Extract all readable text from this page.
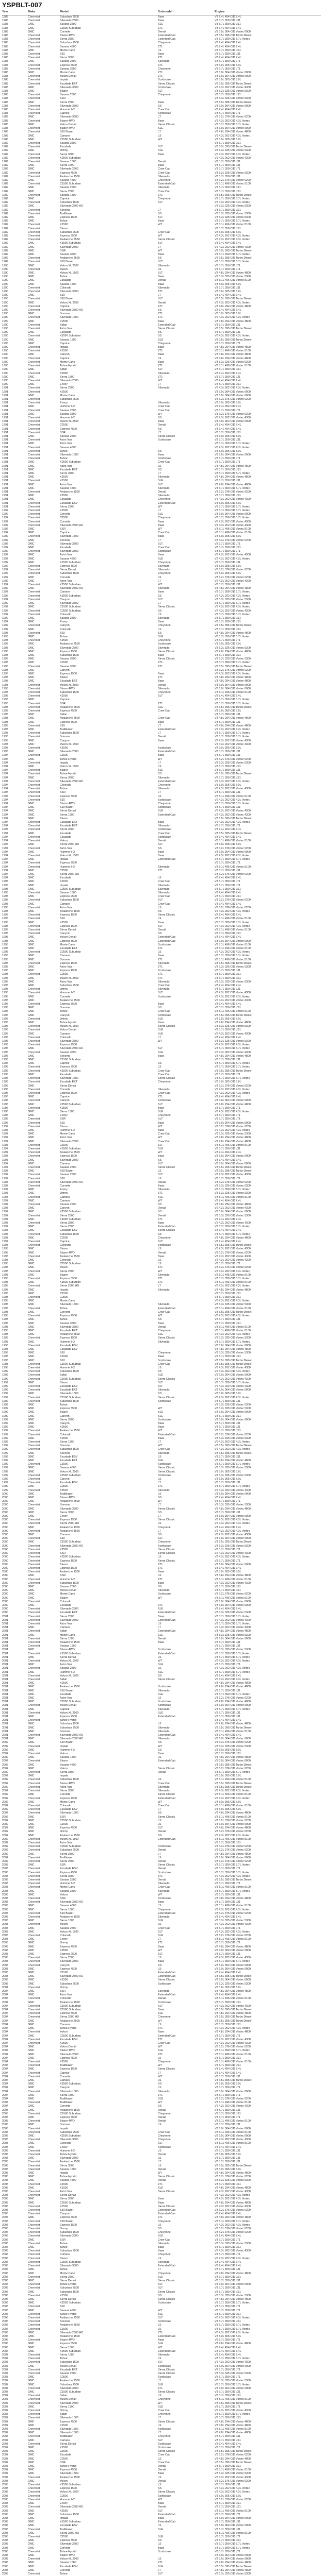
YSPBLT-007
Year	Make	Model	Submodel	Engine
1988	Chevrolet	Suburban 2500	Base	V8 7.4L 454 CID 7.4L
1988	Chevrolet	Silverado 2500	Base	V8 5.7L 350 CID L31
1988	GMC	Savana 3500	SLE	V8 5.7L 350 CID LS1
1988	GMC	C1500 Suburban	Z71	V8 7.4L 454 CID 7.4L
1988	GMC	Corvette	Denali	V8 6.0L 364 CID Vortec 6000
1988	Chevrolet	Blazer 4WD	Extended Cab	V8 6.5L 395 CID Turbo Diesel
1988	Chevrolet	Sierra 2500	Extended Cab	V8 5.7L 350 CID 5.7L Vortec
1988	Chevrolet	Suburban 2500	Cheyenne	V8 7.4L 454 CID 7.4L
1988	Chevrolet	Savana 4500	Z71	V8 7.4L 454 CID 7.4L
1988	GMC	Monte Carlo	LS	V8 5.7L 350 CID LS1
1988	Chevrolet	S10	Base	V8 5.7L 350 CID L31
1988	Chevrolet	Sierra 3500	Z71	V8 7.4L 454 CID 7.4L
1988	GMC	Savana 2500	Silverado	V8 5.7L 350 CID LT1
1988	Chevrolet	Express 3500	Z71	V8 5.0L 305 CID 5.0L
1988	Chevrolet	Savana 3500	Cheyenne	V8 5.7L 350 CID LT1
1988	GMC	Monte Carlo	Z71	V8 6.0L 364 CID Vortec 6000
1988	Chevrolet	Yukon Denali	Z71	V8 6.0L 364 CID Vortec 6000
1988	Chevrolet	Impala	Scottsdale	V8 5.0L 305 CID 5.0L
1988	Chevrolet	Escalade EXT	Sierra Classic	V8 6.5L 395 CID Turbo Diesel
1988	GMC	Silverado 3500	Scottsdale	V6 4.3L 262 CID Vortec 4300
1988	GMC	Blazer	SLT	V8 5.3L 325 CID Vortec 5300
1988	Chevrolet	Savana 2500	Cheyenne	V8 5.7L 350 CID LS1
1988	Chevrolet	SSR		V8 5.3L 325 CID Vortec 5300
1988	GMC	Sierra 2500	Base	V8 6.5L 395 CID Turbo Diesel
1988	Chevrolet	Silverado 3500	SS	V8 6.0L 364 CID Vortec 6000
1988	Chevrolet	Hummer H2	Crew Cab	V8 7.4L 454 CID 7.4L
1988	Chevrolet	Caprice	Scottsdale	V8 5.7L 350 CID LT1
1988	GMC	Silverado 3500	LT	V8 6.2L 376 CID Vortec 6200
1988	Chevrolet	Blazer 4WD	Base	V6 4.3L 262 CID 4.3L Vortec
1988	GMC	Yukon Denali	Sierra Classic	V8 5.7L 350 CID 5.7L Vortec
1988	Chevrolet	Blazer 4WD	SLE	V8 6.0L 364 CID Vortec 6000
1988	Chevrolet	S10 Blazer	LT	V8 4.8L 294 CID Vortec 4800
1988	GMC	Camaro	LS	V6 4.3L 262 CID 4.3L Vortec
1988	GMC	C1500 Suburban	WT	V8 5.0L 305 CID 5.0L
1989	Chevrolet	Savana 3500		V8 5.7L 350 CID LS1
1989	Chevrolet	Escalade	SLT	V8 6.5L 395 CID Turbo Diesel
1989	GMC	Jimmy	SLE	V8 5.3L 325 CID Vortec 5300
1989	Chevrolet	Sierra 3500	Base	V6 4.3L 262 CID 4.3L Vortec
1989	Chevrolet	K2500 Suburban		V6 4.3L 262 CID Vortec 4300
1989	Chevrolet	Savana 1500	Denali	V8 5.7L 350 CID L31
1989	GMC	Sierra 1500	Base	V8 5.7L 350 CID L31
1989	GMC	Silverado 2500	Crew Cab	V8 5.7L 350 CID LT1
1989	Chevrolet	Express 4500	Crew Cab	V8 5.3L 325 CID Vortec 5300
1989	Chevrolet	Avalanche 1500	Silverado	V8 5.7L 350 CID L31
1989	GMC	Savana 4500	Cheyenne	V8 6.2L 376 CID Vortec 6200
1989	Chevrolet	C1500 Suburban	Extended Cab	V8 8.1L 496 CID Vortec 8100
1989	GMC	Savana 2500	Silverado	V8 5.7L 350 CID LS1
1989	GMC	Sierra 2500	Crew Cab	V8 5.7L 350 CID LS1
1989	Chevrolet	Savana 1500	Z71	V8 6.5L 395 CID Turbo Diesel
1989	GMC	Caprice	Cheyenne	V8 5.7L 350 CID 5.7L Vortec
1989	Chevrolet	Suburban 1500	SLT	V6 4.3L 262 CID 4.3L Vortec
1989	GMC	Silverado 2500 HD		V8 5.3L 325 CID Vortec 5300
1989	Chevrolet	Sonoma	LT	V8 5.7L 350 CID LS1
1989	Chevrolet	Trailblazer	SS	V8 5.3L 325 CID Vortec 5300
1989	GMC	Express 1500	SLT	V8 5.3L 325 CID Vortec 5300
1989	GMC	Tahoe	Base	V8 5.7L 350 CID 5.7L Vortec
1989	Chevrolet	K1500	WT	V8 8.1L 496 CID Vortec 8100
1989	Chevrolet	Blazer		V8 5.7L 350 CID LS1
1989	Chevrolet	Suburban 2500	Crew Cab	V8 5.0L 305 CID 5.0L
1989	Chevrolet	Express 3500	WT	V6 4.3L 262 CID 4.3L Vortec
1989	Chevrolet	Avalanche 2500	Sierra Classic	V6 4.3L 262 CID 4.3L Vortec
1989	GMC	K1500 Suburban	SLT	V8 7.4L 454 CID 7.4L
1989	GMC	Silverado 2500	LT	V6 4.3L 262 CID Vortec 4300
1989	GMC	SSR	WT	V8 6.5L 395 CID Turbo Diesel
1989	GMC	Savana 3500	Base	V8 5.7L 350 CID 5.7L Vortec
1989	Chevrolet	Avalanche 2500	SS	V8 6.5L 395 CID Turbo Diesel
1989	Chevrolet	S10 Blazer	SLT	V8 5.7L 350 CID 5.7L Vortec
1990	GMC	Yukon XL 2500	Silverado	V8 5.7L 350 CID LT1
1990	Chevrolet	Yukon	LS	V8 5.7L 350 CID LT1
1990	GMC	Yukon XL 1500	SLT	V8 4.8L 294 CID Vortec 4800
1990	GMC	Tahoe	Base	V8 5.3L 325 CID Vortec 5300
1990	GMC	Escalade	Denali	V8 8.1L 496 CID Vortec 8100
1990	GMC	Savana 1500	Base	V8 5.0L 305 CID 5.0L
1990	Chevrolet	Colorado	Silverado	V8 5.7L 350 CID L31
1990	Chevrolet	Silverado 3500	Z71	V8 5.0L 305 CID 5.0L
1990	GMC	S10	LT	V8 7.4L 454 CID 7.4L
1990	Chevrolet	S10 Blazer	SLT	V8 6.5L 395 CID Turbo Diesel
1990	GMC	Yukon XL 2500	Denali	V6 4.3L 262 CID 4.3L Vortec
1990	Chevrolet	Caprice	Z71	V8 4.8L 294 CID Vortec 4800
1990	Chevrolet	Silverado 2500 HD	SS	V8 7.4L 454 CID 7.4L
1990	GMC	Sonoma	Z71	V8 5.0L 305 CID 5.0L
1990	Chevrolet	Silverado 1500	Z71	V6 4.3L 262 CID 4.3L Vortec
1990	GMC	C2500	Base	V8 4.8L 294 CID Vortec 4800
1990	Chevrolet	Safari	Extended Cab	V8 5.7L 350 CID L31
1990	Chevrolet	Astro Van	Sierra Classic	V8 6.5L 395 CID Turbo Diesel
1990	GMC	Escalade	SS	V8 5.7L 350 CID L31
1990	Chevrolet	K2500 Suburban	SS	V6 4.3L 262 CID 4.3L Vortec
1990	GMC	Savana 1500	SLE	V8 6.5L 395 CID Turbo Diesel
1990	GMC	Caprice	Cheyenne	V8 5.7L 350 CID LT1
1990	Chevrolet	Impala	Base	V8 4.8L 294 CID Vortec 4800
1990	Chevrolet	K1500	Z71	V8 8.1L 496 CID Vortec 8100
1990	GMC	Canyon	Base	V8 4.8L 294 CID Vortec 4800
1990	Chevrolet	Caprice	LS	V8 4.8L 294 CID Vortec 4800
1990	Chevrolet	Monte Carlo	Base	V8 5.3L 325 CID Vortec 5300
1990	Chevrolet	Tahoe Hybrid	Z71	V8 8.1L 496 CID Vortec 8100
1990	GMC	Safari	SLT	V8 5.7L 350 CID LS1
1990	Chevrolet	K1500	Silverado	V8 7.4L 454 CID 7.4L
1990	GMC	Sierra 1500	Z71	V8 5.7L 350 CID L31
1990	Chevrolet	Silverado 2500	WT	V8 7.4L 454 CID 7.4L
1990	GMC	Envoy	LT	V8 5.7L 350 CID LS1
1991	Chevrolet	Sierra 2500	Silverado	V6 4.3L 262 CID 4.3L Vortec
1991	Chevrolet	K2500		V8 6.0L 364 CID Vortec 6000
1991	GMC	Monte Carlo		V8 6.0L 364 CID Vortec 6000
1991	Chevrolet	Suburban 2500		V8 6.2L 376 CID Vortec 6200
1991	Chevrolet	Envoy	Silverado	V8 5.0L 305 CID 5.0L
1991	GMC	Hummer H2	Crew Cab	V8 7.4L 454 CID 7.4L
1991	Chevrolet	Savana 2500	Crew Cab	V8 5.7L 350 CID LT1
1991	GMC	Savana 3500	WT	V8 6.2L 376 CID Vortec 6200
1991	Chevrolet	Hummer H2	SS	V6 4.3L 262 CID Vortec 4300
1991	Chevrolet	Yukon XL 2500	Base	V8 6.0L 364 CID Vortec 6000
1991	Chevrolet	C2500	Denali	V8 7.4L 454 CID 7.4L
1991	Chevrolet	Express 4500	SS	V8 7.4L 454 CID 7.4L
1991	Chevrolet	SSR	LT	V8 5.7L 350 CID LS1
1991	GMC	Savana 2500	Sierra Classic	V8 5.0L 305 CID 5.0L
1991	Chevrolet	Astro Van	Scottsdale	V8 5.7L 350 CID L31
1991	GMC	Astro Van		V8 5.7L 350 CID 5.7L Vortec
1991	Chevrolet	Savana 4500		V6 4.3L 262 CID 4.3L Vortec
1991	Chevrolet	Tahoe	SS	V8 5.0L 305 CID 5.0L
1991	Chevrolet	Silverado 1500	Base	V8 6.0L 364 CID Vortec 6000
1991	Chevrolet	Tahoe	Scottsdale	V8 5.7L 350 CID LT1
1991	GMC	K2500 Suburban	Crew Cab	V8 5.7L 350 CID LT1
1991	GMC	Astro Van	LS	V8 4.8L 294 CID Vortec 4800
1991	GMC	Escalade EXT	SS	V8 5.7L 350 CID LS1
1991	GMC	Sierra 3500	LT	V8 5.7L 350 CID 5.7L Vortec
1991	GMC	K2500	Silverado	V8 4.8L 294 CID Vortec 4800
1991	Chevrolet	K1500	SLE	V8 5.7L 350 CID L31
1991	GMC	Astro Van	SLT	V8 4.8L 294 CID Vortec 4800
1991	GMC	Savana 4500	Silverado	V8 5.7L 350 CID 5.7L Vortec
1991	Chevrolet	Avalanche 1500	Denali	V8 6.2L 376 CID Vortec 6200
1991	GMC	K2500	Silverado	V8 5.7L 350 CID LS1
1991	GMC	Escalade	Cheyenne	V6 4.3L 262 CID Vortec 4300
1991	Chevrolet	Escalade ESV	Extended Cab	V8 5.0L 305 CID 5.0L
1991	Chevrolet	Sierra 2500	WT	V8 5.7L 350 CID 5.7L Vortec
1992	Chevrolet	K1500	LT	V8 5.7L 350 CID 5.7L Vortec
1992	Chevrolet	Corvette	SLE	V8 6.0L 364 CID Vortec 6000
1992	Chevrolet	C2500	Cheyenne	V8 5.7L 350 CID 5.7L Vortec
1992	Chevrolet	Corvette	Base	V6 4.3L 262 CID Vortec 4300
1992	Chevrolet	Silverado 2500 HD	Base	V6 4.3L 262 CID Vortec 4300
1992	GMC	SSR	WT	V8 8.1L 496 CID Vortec 8100
1992	GMC	Caprice	Crew Cab	V8 8.1L 496 CID Vortec 8100
1992	Chevrolet	Silverado 1500	Base	V8 5.0L 305 CID 5.0L
1992	GMC	Sonoma	LT	V8 6.2L 376 CID Vortec 6200
1992	GMC	Silverado 3500	SLT	V8 5.7L 350 CID LT1
1992	GMC	Escalade	Crew Cab	V8 5.7L 350 CID LS1
1992	Chevrolet	Silverado 3500	Scottsdale	V8 5.7L 350 CID LT1
1992	GMC	Astro Van	Base	V6 4.3L 262 CID Vortec 4300
1992	GMC	Savana 4500	SLE	V6 4.3L 262 CID 4.3L Vortec
1992	GMC	K1500 Suburban	Cheyenne	V8 5.7L 350 CID L31
1992	Chevrolet	Express 3500	Silverado	V8 5.0L 305 CID 5.0L
1992	Chevrolet	Sierra Denali	Silverado	V8 6.2L 376 CID Vortec 6200
1992	Chevrolet	Suburban 1500	Cheyenne	V8 5.0L 305 CID 5.0L
1992	GMC	Corvette	LS	V8 6.2L 376 CID Vortec 6200
1992	GMC	Astro Van	LT	V6 4.3L 262 CID Vortec 4300
1992	Chevrolet	K2500 Suburban	WT	V8 5.7L 350 CID L31
1992	GMC	Silverado 2500 HD	Silverado	V8 4.8L 294 CID Vortec 4800
1992	Chevrolet	Camaro	Base	V8 5.7L 350 CID 5.7L Vortec
1992	Chevrolet	K1500 Suburban	SS	V6 4.3L 262 CID 4.3L Vortec
1992	Chevrolet	Canyon	SLT	V8 5.3L 325 CID Vortec 5300
1992	GMC	Silverado 3500	LT	V8 5.7L 350 CID 5.7L Vortec
1992	GMC	C1500 Suburban	Sierra Classic	V6 4.3L 262 CID 4.3L Vortec
1992	Chevrolet	C2500 Suburban	SS	V6 4.3L 262 CID Vortec 4300
1992	Chevrolet	Colorado	LS	V8 5.7L 350 CID 5.7L Vortec
1992	GMC	Savana 3500	Silverado	V8 5.7L 350 CID LS1
1992	GMC	Envoy	Base	V8 5.7L 350 CID LS1
1992	Chevrolet	Canyon	Cheyenne	V8 6.5L 395 CID Turbo Diesel
1992	GMC	Colorado	LS	V8 5.7L 350 CID LS1
1993	Chevrolet	S10	SS	V8 4.8L 294 CID Vortec 4800
1993	GMC	Tahoe	SLE	V8 5.7L 350 CID 5.7L Vortec
1993	Chevrolet	K2500	Cheyenne	V8 5.7L 350 CID LT1
1993	GMC	Avalanche 2500	Scottsdale	V8 5.0L 305 CID 5.0L
1993	GMC	Silverado 2500	Silverado	V8 5.3L 325 CID Vortec 5300
1993	GMC	Express 1500	Sierra Classic	V8 4.8L 294 CID Vortec 4800
1993	GMC	Suburban 1500	Base	V8 5.7L 350 CID LS1
1993	GMC	Savana 3500	Sierra Classic	V8 5.3L 325 CID Vortec 5300
1993	GMC	K1500	Z71	V8 5.7L 350 CID 5.7L Vortec
1993	Chevrolet	Savana 3500	Z71	V8 6.5L 395 CID Turbo Diesel
1993	GMC	Canyon		V8 6.2L 376 CID Vortec 6200
1993	GMC	Express 1500	Base	V6 4.3L 262 CID 4.3L Vortec
1993	GMC	Blazer	Z71	V8 4.8L 294 CID Vortec 4800
1993	GMC	Escalade EXT	Base	V8 4.8L 294 CID Vortec 4800
1993	Chevrolet	Yukon XL 2500	Denali	V8 6.0L 364 CID Vortec 6000
1993	Chevrolet	Blazer 4WD	Silverado	V8 6.0L 364 CID Vortec 6000
1993	Chevrolet	Suburban 1500	Cheyenne	V8 8.1L 496 CID Vortec 8100
1993	Chevrolet	K1500	SLT	V8 7.4L 454 CID 7.4L
1993	GMC	Caprice		V8 5.7L 350 CID 5.7L Vortec
1993	Chevrolet	SSR	Z71	V8 5.7L 350 CID 5.7L Vortec
1993	Chevrolet	Avalanche 2500	SLE	V8 6.5L 395 CID Turbo Diesel
1993	Chevrolet	Express 4500	Crew Cab	V8 5.0L 305 CID 5.0L
1993	GMC	Safari		V8 5.7L 350 CID L31
1993	GMC	Avalanche 2500	Crew Cab	V8 4.8L 294 CID Vortec 4800
1993	GMC	Express 3500	Base	V8 5.7L 350 CID L31
1993	Chevrolet	S10	LT	V8 4.8L 294 CID Vortec 4800
1993	GMC	Trailblazer	Extended Cab	V6 4.3L 262 CID 4.3L Vortec
1993	Chevrolet	Suburban 1500	LT	V8 5.7L 350 CID 5.7L Vortec
1993	Chevrolet	Sonoma	Denali	V8 5.7L 350 CID 5.7L Vortec
1993	GMC	Canyon	Base	V6 4.3L 262 CID Vortec 4300
1993	GMC	Yukon XL 1500		V6 4.3L 262 CID Vortec 4300
1993	Chevrolet	K1500	Scottsdale	V8 5.0L 305 CID 5.0L
1993	GMC	Silverado 2500	Extended Cab	V8 5.7L 350 CID L31
1994	Chevrolet	C1500	Base	V8 5.7L 350 CID L31
1994	GMC	Tahoe Hybrid	WT	V8 6.2L 376 CID Vortec 6200
1994	Chevrolet	Impala	LT	V8 5.3L 325 CID Vortec 5300
1994	GMC	Yukon XL 1500	LS	V8 5.7L 350 CID LS1
1994	Chevrolet	Blazer	SLE	V8 5.7L 350 CID L31
1994	Chevrolet	Tahoe Hybrid	SS	V8 6.5L 395 CID Turbo Diesel
1994	GMC	Sierra 3500	Silverado	V8 5.7L 350 CID LS1
1994	Chevrolet	Silverado 2500 HD	Extended Cab	V6 4.3L 262 CID 4.3L Vortec
1994	Chevrolet	Colorado	Cheyenne	V8 5.0L 305 CID 5.0L
1994	Chevrolet	Tahoe	Silverado	V6 4.3L 262 CID Vortec 4300
1994	Chevrolet	SSR	LT	V8 5.7L 350 CID L31
1994	Chevrolet	Express 3500	LS	V8 8.1L 496 CID Vortec 8100
1994	Chevrolet	S10	Scottsdale	V6 4.3L 262 CID 4.3L Vortec
1994	GMC	Blazer 4WD	Cheyenne	V8 5.7L 350 CID 5.7L Vortec
1994	GMC	S10 Blazer	Scottsdale	V8 5.7L 350 CID L31
1994	GMC	Sierra Denali	SLE	V6 4.3L 262 CID Vortec 4300
1994	GMC	Sierra 1500	Extended Cab	V6 4.3L 262 CID Vortec 4300
1994	GMC	Blazer		V8 6.5L 395 CID Turbo Diesel
1994	Chevrolet	Escalade EXT	Base	V6 4.3L 262 CID 4.3L Vortec
1994	Chevrolet	Escalade EXT	Silverado	V8 5.7L 350 CID LT1
1994	Chevrolet	Sierra 3500	Scottsdale	V8 7.4L 454 CID 7.4L
1994	GMC	Escalade	Crew Cab	V8 6.5L 395 CID Turbo Diesel
1994	Chevrolet	Escalade	Scottsdale	V8 7.4L 454 CID 7.4L
1994	Chevrolet	Yukon	Denali	V8 8.1L 496 CID Vortec 8100
1994	GMC	Sierra 2500 HD	SLT	V8 5.0L 305 CID 5.0L
1994	Chevrolet	Astro Van	SS	V8 6.2L 376 CID Vortec 6200
1994	GMC	Hummer H2	Base	V8 6.0L 364 CID Vortec 6000
1994	Chevrolet	Yukon XL 1500	Base	V6 4.3L 262 CID 4.3L Vortec
1994	GMC	Impala	Extended Cab	V8 5.7L 350 CID 5.7L Vortec
1994	Chevrolet	Express 2500		V8 5.7L 350 CID LT1
1994	Chevrolet	Hummer H2	Silverado	V8 8.1L 496 CID Vortec 8100
1994	GMC	C2500	Z71	V8 5.7L 350 CID L31
1994	GMC	Sierra 2500 HD		V8 6.2L 376 CID Vortec 6200
1994	GMC	Escalade	LS	V8 7.4L 454 CID 7.4L
1995	GMC	K1500	Crew Cab	V8 5.7L 350 CID LT1
1995	GMC	Impala	Silverado	V8 5.7L 350 CID LT1
1995	GMC	C2500 Suburban	Silverado	V8 5.7L 350 CID LS1
1995	Chevrolet	Savana 1500	Silverado	V8 7.4L 454 CID 7.4L
1995	GMC	Express 2500	Crew Cab	V8 5.7L 350 CID LS1
1995	Chevrolet	Suburban 1500	SLT	V8 6.2L 376 CID Vortec 6200
1995	GMC	Camaro	Crew Cab	V8 7.4L 454 CID 7.4L
1995	Chevrolet	Astro Van	LS	V8 6.2L 376 CID Vortec 6200
1995	GMC	Avalanche 1500	SS	V6 4.3L 262 CID 4.3L Vortec
1995	Chevrolet	Express 1500	Sierra Classic	V8 7.4L 454 CID 7.4L
1995	Chevrolet	S10	LS	V8 8.1L 496 CID Vortec 8100
1995	GMC	K2500	Base	V8 5.7L 350 CID 5.7L Vortec
1995	Chevrolet	Express 1500	SLT	V6 4.3L 262 CID 4.3L Vortec
1995	Chevrolet	Sierra Denali	Denali	V8 8.1L 496 CID Vortec 8100
1995	Chevrolet	Canyon	SS	V8 5.7L 350 CID LS1
1995	GMC	Yukon Denali	Extended Cab	V8 7.4L 454 CID 7.4L
1995	GMC	Express 3500	Extended Cab	V8 6.0L 364 CID Vortec 6000
1995	GMC	Monte Carlo	Scottsdale	V8 8.1L 496 CID Vortec 8100
1995	GMC	Escalade EXT	Z71	V8 8.1L 496 CID Vortec 8100
1995	Chevrolet	C2500 Suburban	LS	V6 4.3L 262 CID 4.3L Vortec
1995	GMC	Camaro	Base	V8 5.7L 350 CID 5.7L Vortec
1995	GMC	Sonoma	Z71	V8 8.1L 496 CID Vortec 8100
1995	Chevrolet	Express 1500	Silverado	V8 6.5L 395 CID Turbo Diesel
1995	GMC	Astro Van	Z71	V8 5.3L 325 CID Vortec 5300
1995	GMC	Express 1500	Scottsdale	V8 5.7L 350 CID L31
1995	Chevrolet	C2500	Z71	V8 5.7L 350 CID LS1
1995	GMC	Yukon XL 2500	Z71	V8 5.7L 350 CID LS1
1995	GMC	Astro Van	Silverado	V8 5.3L 325 CID Vortec 5300
1995	GMC	Suburban 2500	Crew Cab	V8 7.4L 454 CID 7.4L
1995	Chevrolet	Jimmy	Silverado	V8 5.7L 350 CID L31
1995	Chevrolet	Hummer H2	SLT	V6 4.3L 262 CID Vortec 4300
1995	GMC	Corvette	Scottsdale	V6 4.3L 262 CID 4.3L Vortec
1995	GMC	Avalanche 2500		V6 4.3L 262 CID Vortec 4300
1996	Chevrolet	Express 3500	Base	V8 7.4L 454 CID 7.4L
1996	GMC	Sonoma	SS	V8 5.7L 350 CID LS1
1996	GMC	Tahoe	Crew Cab	V8 8.1L 496 CID Vortec 8100
1996	GMC	Canyon	Scottsdale	V8 6.5L 395 CID Turbo Diesel
1996	Chevrolet	Jimmy	SLE	V8 5.0L 305 CID 5.0L
1996	GMC	Tahoe Hybrid	Base	V8 4.8L 294 CID Vortec 4800
1996	Chevrolet	Yukon XL 1500	Sierra Classic	V8 5.3L 325 CID Vortec 5300
1996	Chevrolet	Yukon Denali	SLE	V8 5.7L 350 CID LS1
1996	GMC	Camaro	SLE	V6 4.3L 262 CID Vortec 4300
1996	Chevrolet	Colorado	LT	V8 7.4L 454 CID 7.4L
1996	Chevrolet	Silverado 3500	WT	V8 5.3L 325 CID Vortec 5300
1996	Chevrolet	Express 2500		V6 4.3L 262 CID 4.3L Vortec
1996	GMC	Silverado 2500 HD	SLT	V8 5.7L 350 CID 5.7L Vortec
1996	Chevrolet	Savana 3500	SLE	V6 4.3L 262 CID Vortec 4300
1996	GMC	Sonoma	Base	V8 4.8L 294 CID Vortec 4800
1996	GMC	C1500 Suburban		V8 5.7L 350 CID L31
1996	GMC	Caprice	SS	V8 5.7L 350 CID 5.7L Vortec
1996	Chevrolet	Express 2500	LS	V8 5.7L 350 CID 5.7L Vortec
1996	Chevrolet	K1500 Suburban	Crew Cab	V8 6.5L 395 CID Turbo Diesel
1996	GMC	Escalade	Crew Cab	V8 5.7L 350 CID LT1
1996	Chevrolet	Silverado 1500	Sierra Classic	V8 5.7L 350 CID 5.7L Vortec
1996	Chevrolet	Escalade EXT	Cheyenne	V8 5.0L 305 CID 5.0L
1996	GMC	Sierra Denali		V8 6.2L 376 CID Vortec 6200
1996	Chevrolet	Corvette	Silverado	V6 4.3L 262 CID 4.3L Vortec
1996	Chevrolet	Express 3500	Crew Cab	V6 4.3L 262 CID 4.3L Vortec
1996	GMC	Caprice	Z71	V8 7.4L 454 CID 7.4L
1996	Chevrolet	Canyon	Scottsdale	V8 6.0L 364 CID Vortec 6000
1996	GMC	K2500 Suburban	SLT	V8 4.8L 294 CID Vortec 4800
1996	Chevrolet	K2500	Base	V8 5.7L 350 CID LT1
1996	GMC	Sierra 1500	SLE	V6 4.3L 262 CID 4.3L Vortec
1996	GMC	Envoy	Cheyenne	V8 5.7L 350 CID LT1
1996	Chevrolet	SSR	SLT	V8 5.7L 350 CID LT1
1996	Chevrolet	S10	Base	V8 6.0L 364 CID Vortec 6000
1997	Chevrolet	Blazer	WT	V8 6.2L 376 CID Vortec 6200
1997	GMC	Hummer H2	Base	V6 4.3L 262 CID 4.3L Vortec
1997	GMC	Monte Carlo	Crew Cab	V8 5.3L 325 CID Vortec 5300
1997	GMC	Astro Van	WT	V8 4.8L 294 CID Vortec 4800
1997	GMC	Silverado 2500	Crew Cab	V8 4.8L 294 CID Vortec 4800
1997	Chevrolet	C1500	SLT	V8 8.1L 496 CID Vortec 8100
1997	Chevrolet	K1500 Suburban	SLE	V8 5.7L 350 CID L31
1997	Chevrolet	Avalanche 2500	WT	V8 7.4L 454 CID 7.4L
1997	Chevrolet	Express 1500	Base	V8 6.0L 364 CID Vortec 6000
1997	GMC	Silverado 2500	SS	V8 7.4L 454 CID 7.4L
1997	GMC	Camaro	SLT	V8 6.0L 364 CID Vortec 6000
1997	Chevrolet	Savana 2500	Sierra Classic	V8 6.5L 395 CID Turbo Diesel
1997	GMC	S10 Blazer	LS	V8 6.5L 395 CID Turbo Diesel
1997	Chevrolet	Savana 2500	SLT	V6 4.3L 262 CID Vortec 4300
1997	Chevrolet	S10	LS	V8 5.7L 350 CID LT1
1997	Chevrolet	Silverado 2500 HD	Denali	V8 6.2L 376 CID Vortec 6200
1997	Chevrolet	Corvette	Base	V8 5.3L 325 CID Vortec 5300
1997	GMC	Envoy	Silverado	V8 5.7L 350 CID 5.7L Vortec
1997	GMC	Jimmy	Z71	V8 5.3L 325 CID Vortec 5300
1997	Chevrolet	Camaro	SLE	V8 8.1L 496 CID Vortec 8100
1997	GMC	Camaro	WT	V8 7.4L 454 CID 7.4L
1997	Chevrolet	Savana 2500	SS	V8 4.8L 294 CID Vortec 4800
1997	GMC	Canyon	Denali	V6 4.3L 262 CID Vortec 4300
1997	GMC	K2500 Suburban	SS	V8 6.0L 364 CID Vortec 6000
1997	Chevrolet	Sierra 2500	Denali	V8 5.3L 325 CID Vortec 5300
1997	GMC	K1500 Suburban	Z71	V8 7.4L 454 CID 7.4L
1997	Chevrolet	Sierra 3500	Base	V6 4.3L 262 CID Vortec 4300
1997	GMC	Sierra 2500	Extended Cab	V8 5.7L 350 CID 5.7L Vortec
1997	GMC	Escalade ESV	Sierra Classic	V8 7.4L 454 CID 7.4L
1997	Chevrolet	Suburban 1500	SS	V8 5.7L 350 CID 5.7L Vortec
1997	GMC	C2500	Cheyenne	V8 4.8L 294 CID Vortec 4800
1997	Chevrolet	Caprice	SLT	V8 7.4L 454 CID 7.4L
1997	Chevrolet	Colorado	Scottsdale	V8 6.5L 395 CID Turbo Diesel
1998	GMC	Blazer	LS	V6 4.3L 262 CID Vortec 4300
1998	GMC	Blazer 4WD	Denali	V8 6.2L 376 CID Vortec 6200
1998	Chevrolet	Avalanche 2500	Base	V6 4.3L 262 CID Vortec 4300
1998	GMC	Colorado	LS	V6 4.3L 262 CID Vortec 4300
1998	GMC	C2500 Suburban	LS	V8 5.7L 350 CID LT1
1998	GMC	Yukon	Z71	V8 6.2L 376 CID Vortec 6200
1998	Chevrolet	Sierra 2500	WT	V6 4.3L 262 CID 4.3L Vortec
1998	GMC	Blazer	Silverado	V8 8.1L 496 CID Vortec 8100
1998	Chevrolet	Express 3500	Z71	V8 5.7L 350 CID 5.7L Vortec
1998	GMC	K1500 Suburban	Z71	V8 8.1L 496 CID Vortec 8100
1998	Chevrolet	Sierra 2500 HD	LT	V6 4.3L 262 CID 4.3L Vortec
1998	GMC	Impala	Silverado	V8 4.8L 294 CID Vortec 4800
1998	GMC	C1500		V8 5.7L 350 CID LS1
1998	Chevrolet	C2500		V8 5.7L 350 CID LS1
1998	GMC	Monte Carlo		V6 4.3L 262 CID 4.3L Vortec
1998	GMC	Silverado 1500	Silverado	V8 5.3L 325 CID Vortec 5300
1998	Chevrolet	Tahoe	Extended Cab	V8 8.1L 496 CID Vortec 8100
1998	GMC	Corvette	Crew Cab	V8 6.5L 395 CID Turbo Diesel
1998	Chevrolet	Express 2500	WT	V6 4.3L 262 CID 4.3L Vortec
1998	GMC	Tahoe	SS	V8 5.7L 350 CID L31
1998	GMC	Savana 3500	Base	V8 5.7L 350 CID LS1
1998	GMC	Silverado 3500	Denali	V8 8.1L 496 CID Vortec 8100
1998	GMC	Escalade EXT	Cheyenne	V8 8.1L 496 CID Vortec 8100
1998	GMC	Avalanche 2500	SLE	V6 4.3L 262 CID 4.3L Vortec
1998	Chevrolet	Express 1500	Sierra Classic	V8 5.3L 325 CID Vortec 5300
1998	GMC	Hummer H2	Silverado	V8 5.7L 350 CID 5.7L Vortec
1998	Chevrolet	Escalade ESV		V8 6.0L 364 CID Vortec 6000
1998	GMC	Escalade ESV		V8 4.8L 294 CID Vortec 4800
1998	GMC	S10	Cheyenne	V8 5.3L 325 CID Vortec 5300
1998	GMC	K1500	Base	V8 5.7L 350 CID LS1
1998	GMC	S10	Scottsdale	V8 6.5L 395 CID Turbo Diesel
1998	Chevrolet	C1500 Suburban	Crew Cab	V8 6.5L 395 CID Turbo Diesel
1998	Chevrolet	Hummer H2	LS	V6 4.3L 262 CID Vortec 4300
1999	Chevrolet	Suburban 1500	SS	V6 4.3L 262 CID 4.3L Vortec
1999	Chevrolet	Safari	SLE	V8 6.0L 364 CID Vortec 6000
1999	Chevrolet	C1500 Suburban	Sierra Classic	V6 4.3L 262 CID Vortec 4300
1999	GMC	Blazer	SLT	V8 5.7L 350 CID 5.7L Vortec
1999	Chevrolet	Escalade ESV	SLT	V6 4.3L 262 CID Vortec 4300
1999	Chevrolet	Escalade EXT	Silverado	V8 6.0L 364 CID Vortec 6000
1999	GMC	Silverado 1500	SS	V8 5.0L 305 CID 5.0L
1999	Chevrolet	C1500 Suburban	Sierra Classic	V6 4.3L 262 CID 4.3L Vortec
1999	Chevrolet	Suburban 1500	Scottsdale	V8 5.7L 350 CID L31
1999	GMC	Tahoe		V8 5.3L 325 CID Vortec 5300
1999	GMC	Express 3500	WT	V8 5.3L 325 CID Vortec 5300
1999	GMC	Blazer	SLE	V8 6.0L 364 CID Vortec 6000
1999	GMC	Canyon	SLE	V8 5.7L 350 CID LS1
1999	GMC	Sierra 3500	Scottsdale	V8 6.0L 364 CID Vortec 6000
1999	GMC	Canyon	Base	V8 5.7L 350 CID L31
1999	GMC	K2500	Base	V8 5.7L 350 CID L31
1999	Chevrolet	Avalanche 2500	WT	V8 5.7L 350 CID LS1
1999	Chevrolet	Colorado	Extended Cab	V8 6.2L 376 CID Vortec 6200
1999	GMC	K1500	Base	V8 5.3L 325 CID Vortec 5300
1999	Chevrolet	Sierra 1500	LT	V6 4.3L 262 CID 4.3L Vortec
1999	Chevrolet	Sonoma	WT	V8 6.5L 395 CID Turbo Diesel
1999	Chevrolet	Suburban 1500	Crew Cab	V6 4.3L 262 CID 4.3L Vortec
1999	GMC	Sonoma	Silverado	V8 6.5L 395 CID Turbo Diesel
1999	GMC	Escalade ESV	LS	V8 5.7L 350 CID L31
1999	GMC	Escalade EXT	SLE	V8 4.8L 294 CID Vortec 4800
1999	Chevrolet	C1500	Scottsdale	V8 5.7L 350 CID 5.7L Vortec
1999	GMC	Savana 4500	Sierra Classic	V8 5.3L 325 CID Vortec 5300
1999	GMC	Yukon XL 2500	Sierra Classic	V8 5.0L 305 CID 5.0L
1999	Chevrolet	K2500 Suburban	Scottsdale	V8 5.3L 325 CID Vortec 5300
1999	Chevrolet	Canyon	LS	V8 5.0L 305 CID 5.0L
1999	Chevrolet	Escalade ESV	LT	V8 5.7L 350 CID L31
1999	GMC	C2500	Z71	V8 5.7L 350 CID 5.7L Vortec
1999	Chevrolet	K2500	Silverado	V6 4.3L 262 CID Vortec 4300
2000	GMC	Trailblazer	LS	V8 6.0L 364 CID Vortec 6000
2000	GMC	Blazer 4WD	SS	V8 7.4L 454 CID 7.4L
2000	GMC	Avalanche 2500	WT	V8 5.7L 350 CID LT1
2000	Chevrolet	Sonoma	LT	V8 5.3L 325 CID Vortec 5300
2000	GMC	Silverado 3500	Sierra Classic	V8 4.8L 294 CID Vortec 4800
2000	GMC	Sierra 3500	SS	V8 5.7L 350 CID L31
2000	GMC	Envoy	LT	V8 6.0L 364 CID Vortec 6000
2000	Chevrolet	Express 1500	Sierra Classic	V6 4.3L 262 CID 4.3L Vortec
2000	Chevrolet	Sierra 2500 HD	LS	V6 4.3L 262 CID 4.3L Vortec
2000	GMC	Avalanche 1500	Cheyenne	V8 7.4L 454 CID 7.4L
2000	Chevrolet	Avalanche 1500	LT	V6 4.3L 262 CID 4.3L Vortec
2000	GMC	Camaro	SS	V6 4.3L 262 CID Vortec 4300
2000	Chevrolet	S10	SLT	V8 6.0L 364 CID Vortec 6000
2000	GMC	C1500 Suburban	Cheyenne	V8 6.5L 395 CID Turbo Diesel
2000	Chevrolet	Silverado 2500 HD	Scottsdale	V8 5.3L 325 CID Vortec 5300
2000	Chevrolet	K2500	Sierra Classic	V8 5.7L 350 CID LT1
2000	Chevrolet	SSR	Sierra Classic	V6 4.3L 262 CID Vortec 4300
2000	Chevrolet	K2500 Suburban	LS	V6 4.3L 262 CID 4.3L Vortec
2000	Chevrolet	Express 1500	Sierra Classic	V8 5.7L 350 CID LT1
2000	Chevrolet	Blazer	Z71	V8 6.0L 364 CID Vortec 6000
2000	Chevrolet	Express 1500	Z71	V8 7.4L 454 CID 7.4L
2000	Chevrolet	Avalanche 1500	Base	V8 5.0L 305 CID 5.0L
2000	GMC	SSR	LS	V8 4.8L 294 CID Vortec 4800
2000	Chevrolet	Hummer H2	Z71	V8 8.1L 496 CID Vortec 8100
2000	Chevrolet	Suburban 1500	Base	V6 4.3L 262 CID Vortec 4300
2000	GMC	Savana 2500	SS	V8 5.7L 350 CID LS1
2000	GMC	Yukon Denali	Silverado	V8 5.7L 350 CID LS1
2000	GMC	Monte Carlo	Scottsdale	V8 6.2L 376 CID Vortec 6200
2000	GMC	Blazer	WT	V8 8.1L 496 CID Vortec 8100
2000	Chevrolet	Colorado		V8 6.0L 364 CID Vortec 6000
2000	GMC	Escalade	Z71	V8 6.0L 364 CID Vortec 6000
2000	Chevrolet	Silverado 2500	SLE	V8 7.4L 454 CID 7.4L
2000	Chevrolet	Escalade EXT	Extended Cab	V8 5.3L 325 CID Vortec 5300
2001	Chevrolet	Sierra 2500	Base	V8 5.7L 350 CID 5.7L Vortec
2001	Chevrolet	Silverado 2500	Extended Cab	V6 4.3L 262 CID Vortec 4300
2001	Chevrolet	Astro Van	LS	V8 5.7L 350 CID 5.7L Vortec
2001	GMC	Camaro	LT	V6 4.3L 262 CID Vortec 4300
2001	Chevrolet	Safari	Extended Cab	V8 4.8L 294 CID Vortec 4800
2001	GMC	Monte Carlo	SLE	V8 5.3L 325 CID Vortec 5300
2001	Chevrolet	Sierra 1500	Denali	V8 6.0L 364 CID Vortec 6000
2001	Chevrolet	Avalanche 1500	Base	V8 5.7L 350 CID L31
2001	Chevrolet	Savana 1500		V8 5.7L 350 CID L31
2001	GMC	Blazer 4WD	Scottsdale	V8 5.3L 325 CID Vortec 5300
2001	Chevrolet	K1500 Suburban	Extended Cab	V8 5.7L 350 CID 5.7L Vortec
2001	GMC	Sierra Denali	LS	V8 5.7L 350 CID 5.7L Vortec
2001	Chevrolet	Yukon XL 1500	WT	V6 4.3L 262 CID 4.3L Vortec
2001	GMC	Astro Van	SLE	V8 5.7L 350 CID LT1
2001	Chevrolet	Savana 2500	LS	V6 4.3L 262 CID 4.3L Vortec
2001	GMC	Hummer H2	SLE	V8 5.7L 350 CID 5.7L Vortec
2001	Chevrolet	Yukon XL 1500	SS	V8 7.4L 454 CID 7.4L
2001	Chevrolet	Safari	Sierra Classic	V6 4.3L 262 CID 4.3L Vortec
2001	GMC	K2500		V8 4.8L 294 CID Vortec 4800
2001	GMC	Avalanche 1500	Scottsdale	V8 4.8L 294 CID Vortec 4800
2001	GMC	S10 Blazer	Silverado	V8 5.7L 350 CID L31
2001	GMC	Escalade	SLE	V8 5.7L 350 CID 5.7L Vortec
2001	GMC	Astro Van	LS	V8 6.2L 376 CID Vortec 6200
2001	GMC	C2500 Suburban	Scottsdale	V8 4.8L 294 CID Vortec 4800
2001	Chevrolet	Yukon Denali	Scottsdale	V8 6.0L 364 CID Vortec 6000
2001	GMC	Caprice	Silverado	V8 5.7L 350 CID 5.7L Vortec
2001	Chevrolet	Yukon XL 2500	SLE	V8 5.7L 350 CID L31
2001	GMC	Express 2500	Extended Cab	V8 5.7L 350 CID L31
2001	Chevrolet	Tahoe Hybrid		V8 7.4L 454 CID 7.4L
2001	GMC	Suburban 1500	LS	V8 4.8L 294 CID Vortec 4800
2001	GMC	Suburban 2500	Silverado	V8 6.5L 395 CID Turbo Diesel
2001	GMC	Sonoma	Silverado	V8 8.1L 496 CID Vortec 8100
2001	Chevrolet	Silverado 2500 HD	Extended Cab	V8 7.4L 454 CID 7.4L
2001	GMC	Silverado 2500 HD	Silverado	V8 6.0L 364 CID Vortec 6000
2002	GMC	S10 Blazer	SS	V8 6.2L 376 CID Vortec 6200
2002	Chevrolet	Impala	WT	V8 5.3L 325 CID Vortec 5300
2002	GMC	Hummer H2	SS	V8 5.0L 305 CID 5.0L
2002	Chevrolet	Yukon	Base	V8 5.7L 350 CID LS1
2002	GMC	Savana 1500	LS	V8 4.8L 294 CID Vortec 4800
2002	Chevrolet	Blazer	Extended Cab	V8 6.0L 364 CID Vortec 6000
2002	GMC	Savana 4500		V8 6.5L 395 CID Turbo Diesel
2002	GMC	Yukon	Sierra Classic	V8 6.2L 376 CID Vortec 6200
2002	Chevrolet	Sierra 3500	Denali	V8 5.7L 350 CID 5.7L Vortec
2002	GMC	Impala		V8 5.0L 305 CID 5.0L
2002	Chevrolet	Suburban 1500	LS	V8 8.1L 496 CID Vortec 8100
2002	Chevrolet	Blazer 4WD	Crew Cab	V8 6.5L 395 CID Turbo Diesel
2002	Chevrolet	Astro Van	Silverado	V8 6.5L 395 CID Turbo Diesel
2002	Chevrolet	Sierra 3500	Silverado	V6 4.3L 262 CID 4.3L Vortec
2002	GMC	Corvette	Sierra Classic	V8 8.1L 496 CID Vortec 8100
2002	Chevrolet	Express 4500	Extended Cab	V6 4.3L 262 CID 4.3L Vortec
2002	GMC	Monte Carlo	WT	V8 5.0L 305 CID 5.0L
2002	Chevrolet	Colorado	Crew Cab	V8 8.1L 496 CID Vortec 8100
2002	Chevrolet	Escalade ESV	LT	V8 5.0L 305 CID 5.0L
2002	Chevrolet	Silverado 1500	SS	V8 4.8L 294 CID Vortec 4800
2002	GMC	SSR	Sierra Classic	V8 8.1L 496 CID Vortec 8100
2002	GMC	C2500 Suburban	LS	V8 6.2L 376 CID Vortec 6200
2002	GMC	C1500	LS	V8 6.0L 364 CID Vortec 6000
2002	GMC	Express 4500	SLT	V8 4.8L 294 CID Vortec 4800
2002	GMC	Jimmy	Denali	V8 6.2L 376 CID Vortec 6200
2002	GMC	Avalanche 1500	SS	V6 4.3L 262 CID 4.3L Vortec
2002	Chevrolet	Yukon XL 1500	Extended Cab	V8 8.1L 496 CID Vortec 8100
2002	Chevrolet	Astro Van		V8 5.7L 350 CID LS1
2002	Chevrolet	C2500 Suburban	Scottsdale	V8 6.2L 376 CID Vortec 6200
2002	Chevrolet	Suburban 2500	Denali	V8 6.2L 376 CID Vortec 6200
2002	GMC	Sierra 3500	LT	V8 4.8L 294 CID Vortec 4800
2002	Chevrolet	Trailblazer	LS	V8 6.0L 364 CID Vortec 6000
2002	Chevrolet	Sierra 2500	Denali	V8 6.2L 376 CID Vortec 6200
2003	GMC	SSR	Sierra Classic	V8 5.7L 350 CID 5.7L Vortec
2003	Chevrolet	Escalade ESV	Denali	V8 5.7L 350 CID LT1
2003	Chevrolet	Express 4500	Scottsdale	V8 5.7L 350 CID 5.7L Vortec
2003	Chevrolet	Sierra 3500	Z71	V6 4.3L 262 CID 4.3L Vortec
2003	Chevrolet	Savana 2500	Denali	V8 6.5L 395 CID Turbo Diesel
2003	Chevrolet	Hummer H2	Silverado	V8 5.7L 350 CID LT1
2003	Chevrolet	Monte Carlo	Crew Cab	V8 8.1L 496 CID Vortec 8100
2003	GMC	Savana 3500	Silverado	V8 5.7L 350 CID 5.7L Vortec
2003	GMC	Yukon	WT	V8 5.7L 350 CID L31
2003	Chevrolet	SSR	Scottsdale	V8 4.8L 294 CID Vortec 4800
2003	Chevrolet	Silverado 2500 HD	Base	V8 5.7L 350 CID L31
2003	GMC	Savana 4500	LS	V8 8.1L 496 CID Vortec 8100
2003	GMC	Sierra 1500	Cheyenne	V6 4.3L 262 CID 4.3L Vortec
2003	Chevrolet	S10 Blazer	Extended Cab	V8 6.2L 376 CID Vortec 6200
2003	Chevrolet	Avalanche 1500	Silverado	V8 7.4L 454 CID 7.4L
2003	GMC	Sierra 1500	SLE	V8 5.3L 325 CID Vortec 5300
2003	Chevrolet	Yukon	LS	V6 4.3L 262 CID Vortec 4300
2003	GMC	Savana 2500	Crew Cab	V8 5.7L 350 CID LT1
2003	GMC	Yukon XL 1500	SLT	V6 4.3L 262 CID 4.3L Vortec
2003	Chevrolet	Colorado	SLE	V8 6.2L 376 CID Vortec 6200
2003	GMC	Envoy	LT	V8 8.1L 496 CID Vortec 8100
2003	GMC	Jimmy	Z71	V8 5.7L 350 CID LT1
2003	GMC	Express 4500	Base	V8 4.8L 294 CID Vortec 4800
2003	GMC	K2500	WT	V8 6.0L 364 CID Vortec 6000
2003	GMC	Express 2500	SLT	V8 5.7L 350 CID L31
2003	Chevrolet	Sierra 2500	LS	V6 4.3L 262 CID Vortec 4300
2003	Chevrolet	Silverado 3500	Base	V8 5.7L 350 CID 5.7L Vortec
2003	Chevrolet	Canyon	SS	V8 6.0L 364 CID Vortec 6000
2003	GMC	Express 4500	LS	V8 6.0L 364 CID Vortec 6000
2003	GMC	C1500	Extended Cab	V8 7.4L 454 CID 7.4L
2003	GMC	Silverado 2500 HD	Extended Cab	V8 6.5L 395 CID Turbo Diesel
2003	GMC	K1500	Sierra Classic	V8 6.0L 364 CID Vortec 6000
2003	GMC	Suburban 2500	Scottsdale	V8 5.3L 325 CID Vortec 5300
2004	Chevrolet	Jimmy		V8 5.0L 305 CID 5.0L
2004	GMC	SSR	Silverado	V8 4.8L 294 CID Vortec 4800
2004	GMC	Astro Van	Extended Cab	V8 7.4L 454 CID 7.4L
2004	Chevrolet	Colorado	Denali	V8 8.1L 496 CID Vortec 8100
2004	GMC	Avalanche 1500	Scottsdale	V8 5.7L 350 CID LS1
2004	Chevrolet	C1500 Suburban	SLT	V6 4.3L 262 CID Vortec 4300
2004	Chevrolet	C1500 Suburban	Base	V8 6.5L 395 CID Turbo Diesel
2004	Chevrolet	Express 3500	SLE	V8 4.8L 294 CID Vortec 4800
2004	Chevrolet	Sierra 2500 HD	Cheyenne	V8 6.5L 395 CID Turbo Diesel
2004	GMC	Avalanche 2500	WT	V8 6.5L 395 CID Turbo Diesel
2004	GMC	Camaro	LS	V8 5.7L 350 CID LS1
2004	GMC	Tahoe Hybrid	Z71	V6 4.3L 262 CID 4.3L Vortec
2004	Chevrolet	Yukon	Base	V8 4.8L 294 CID Vortec 4800
2004	GMC	C2500 Suburban	Extended Cab	V8 5.7L 350 CID LT1
2004	Chevrolet	Escalade ESV	Z71	V6 4.3L 262 CID Vortec 4300
2004	Chevrolet	K2500	Crew Cab	V6 4.3L 262 CID Vortec 4300
2004	GMC	Yukon Denali	WT	V8 6.2L 376 CID Vortec 6200
2004	GMC	Blazer 4WD	SLE	V8 5.7L 350 CID 5.7L Vortec
2004	GMC	Silverado 2500	Z71	V8 8.1L 496 CID Vortec 8100
2004	GMC	Express 4500	LS	V8 5.7L 350 CID LS1
2004	Chevrolet	K2500	Cheyenne	V8 8.1L 496 CID Vortec 8100
2004	Chevrolet	Trailblazer	WT	V8 5.7L 350 CID LS1
2004	GMC	Express 1500	Sierra Classic	V8 7.4L 454 CID 7.4L
2004	Chevrolet	Caprice	LT	V8 7.4L 454 CID 7.4L
2004	Chevrolet	Corvette	WT	V8 5.7L 350 CID L31
2004	GMC	Camaro	LS	V8 6.5L 395 CID Turbo Diesel
2004	GMC	K2500 Suburban	SS	V8 5.0L 305 CID 5.0L
2004	GMC	Canyon	LS	V8 5.7L 350 CID LT1
2004	Chevrolet	Silverado 1500	Silverado	V8 6.0L 364 CID Vortec 6000
2004	GMC	Sierra 1500	Z71	V8 5.7L 350 CID LT1
2004	GMC	Trailblazer	SLE	V8 6.2L 376 CID Vortec 6200
2004	Chevrolet	Trailblazer	WT	V8 8.1L 496 CID Vortec 8100
2004	GMC	Corvette	SS	V6 4.3L 262 CID Vortec 4300
2005	GMC	Avalanche 1500	Denali	V8 5.7L 350 CID L31
2005	Chevrolet	C1500 Suburban	Cheyenne	V8 5.7L 350 CID LS1
2005	GMC	Express 3500	Denali	V8 5.7L 350 CID LT1
2005	Chevrolet	Blazer 4WD	Denali	V8 8.1L 496 CID Vortec 8100
2005	GMC	Sonoma	LS	V8 5.7L 350 CID L31
2005	Chevrolet	Impala		V8 6.0L 364 CID Vortec 6000
2005	Chevrolet	Suburban 2500	Crew Cab	V8 8.1L 496 CID Vortec 8100
2005	GMC	K2500 Suburban	Cheyenne	V8 6.0L 364 CID Vortec 6000
2005	Chevrolet	Silverado 3500	Cheyenne	V6 4.3L 262 CID Vortec 4300
2005	GMC	Colorado	SLT	V8 8.1L 496 CID Vortec 8100
2005	GMC	Envoy	Scottsdale	V8 7.4L 454 CID 7.4L
2005	Chevrolet	Hummer H2	LS	V8 5.7L 350 CID L31
2005	Chevrolet	Tahoe Hybrid	Denali	V8 5.0L 305 CID 5.0L
2005	GMC	Silverado 2500	LS	V8 5.7L 350 CID L31
2005	Chevrolet	Avalanche 1500	LT	V8 5.7L 350 CID L31
2005	Chevrolet	Sierra 3500	LS	V8 6.5L 395 CID Turbo Diesel
2005	Chevrolet	Savana 1500	Denali	V8 5.0L 305 CID 5.0L
2005	GMC	Impala	WT	V8 4.8L 294 CID Vortec 4800
2005	GMC	Tahoe Hybrid	Sierra Classic	V8 6.2L 376 CID Vortec 6200
2005	GMC	Savana 4500	Denali	V8 5.3L 325 CID Vortec 5300
2005	Chevrolet	C1500	Z71	V8 5.7L 350 CID LS1
2005	GMC	K1500	SLE	V8 4.8L 294 CID Vortec 4800
2005	Chevrolet	Astro Van	Sierra Classic	V6 4.3L 262 CID Vortec 4300
2005	Chevrolet	Sierra Denali		V6 4.3L 262 CID 4.3L Vortec
2005	GMC	Sierra 3500	Base	V6 4.3L 262 CID 4.3L Vortec
2005	GMC	C2500 Suburban	Base	V8 4.8L 294 CID Vortec 4800
2005	Chevrolet	K1500	Sierra Classic	V6 4.3L 262 CID Vortec 4300
2005	Chevrolet	S10 Blazer	Extended Cab	V8 6.2L 376 CID Vortec 6200
2005	Chevrolet	Canyon	Extended Cab	V8 7.4L 454 CID 7.4L
2005	GMC	Express 4500	Z71	V8 4.8L 294 CID Vortec 4800
2005	Chevrolet	S10 Blazer	Cheyenne	V8 5.7L 350 CID 5.7L Vortec
2005	Chevrolet	Express 1500	LS	V6 4.3L 262 CID 4.3L Vortec
2005	Chevrolet	Jimmy	SS	V8 6.2L 376 CID Vortec 6200
2006	Chevrolet	Suburban 1500	Cheyenne	V8 6.2L 376 CID Vortec 6200
2006	Chevrolet	Silverado 2500	SLE	V8 7.4L 454 CID 7.4L
2006	GMC	SSR	Crew Cab	V8 5.7L 350 CID LT1
2006	Chevrolet	Tahoe	Silverado	V8 5.3L 325 CID Vortec 5300
2006	GMC	Tahoe	Base	V8 5.7L 350 CID LS1
2006	Chevrolet	Suburban 2500	Base	V6 4.3L 262 CID Vortec 4300
2006	Chevrolet	Camaro	Cheyenne	V8 5.7L 350 CID LT1
2006	Chevrolet	Blazer	LS	V6 4.3L 262 CID 4.3L Vortec
2006	Chevrolet	C2500 Suburban	Silverado	V8 7.4L 454 CID 7.4L
2006	Chevrolet	Silverado 3500	Extended Cab	V8 7.4L 454 CID 7.4L
2006	GMC	Tahoe	LT	V8 5.7L 350 CID L31
2006	GMC	Monte Carlo	Cheyenne	V8 4.8L 294 CID Vortec 4800
2006	Chevrolet	Sierra 2500	SLE	V8 5.7L 350 CID LS1
2006	GMC	Sierra Denali	Sierra Classic	V8 5.7L 350 CID L31
2006	Chevrolet	Tahoe Hybrid	SLT	V8 6.0L 364 CID Vortec 6000
2006	Chevrolet	Suburban 2500	SLT	V8 5.7L 350 CID L31
2006	GMC	Suburban 1500	Sierra Classic	V8 5.7L 350 CID LS1
2006	Chevrolet	K1500	SS	V8 5.3L 325 CID Vortec 5300
2006	GMC	Sierra Denali	Sierra Classic	V8 4.8L 294 CID Vortec 4800
2006	GMC	K2500 Suburban	Scottsdale	V8 5.7L 350 CID 5.7L Vortec
2006	Chevrolet	S10		V8 5.7L 350 CID LT1
2006	GMC	Savana 4500	WT	V8 5.7L 350 CID LT1
2006	Chevrolet	Tahoe Hybrid	SLE	V8 5.7L 350 CID LS1
2006	Chevrolet	Avalanche 2500	SLT	V6 4.3L 262 CID 4.3L Vortec
2006	Chevrolet	Sonoma	Scottsdale	V8 5.7L 350 CID LS1
2006	Chevrolet	Avalanche 2500	LS	V8 5.7L 350 CID 5.7L Vortec
2006	Chevrolet	C1500	LS	V8 5.7L 350 CID 5.7L Vortec
2006	GMC	Silverado 2500 HD	Z71	V6 4.3L 262 CID 4.3L Vortec
2006	GMC	Avalanche 1500	Extended Cab	V8 5.0L 305 CID 5.0L
2006	Chevrolet	Blazer 4WD	Base	V8 5.7L 350 CID LT1
2006	GMC	Express 3500	SLE	V8 4.8L 294 CID Vortec 4800
2006	GMC	Sierra 1500	WT	V8 7.4L 454 CID 7.4L
2006	GMC	K2500 Suburban	Extended Cab	V8 7.4L 454 CID 7.4L
2007	Chevrolet	Sierra 1500	Silverado	V8 7.4L 454 CID 7.4L
2007	Chevrolet	Tahoe	LS	V8 5.7L 350 CID 5.7L Vortec
2007	Chevrolet	Suburban 1500	SLT	V6 4.3L 262 CID Vortec 4300
2007	GMC	Yukon Denali	Scottsdale	V8 6.0L 364 CID Vortec 6000
2007	Chevrolet	Escalade EXT	Sierra Classic	V8 5.7L 350 CID LT1
2007	Chevrolet	Savana 2500	Sierra Classic	V8 5.3L 325 CID Vortec 5300
2007	GMC	C2500	Scottsdale	V8 5.7L 350 CID LT1
2007	GMC	Avalanche 1500	LT	V8 5.3L 325 CID Vortec 5300
2007	GMC	Suburban 2500	SLE	V8 5.7L 350 CID 5.7L Vortec
2007	Chevrolet	Silverado 3500	Z71	V8 6.0L 364 CID Vortec 6000
2007	GMC	C1500 Suburban	Sierra Classic	V8 5.7L 350 CID L31
2007	Chevrolet	Safari	LS	V8 5.7L 350 CID LS1
2007	Chevrolet	Yukon Denali	Cheyenne	V8 8.1L 496 CID Vortec 8100
2007	Chevrolet	Silverado 2500	WT	V8 6.5L 395 CID Turbo Diesel
2007	GMC	Sierra 1500	SLE	V8 5.7L 350 CID LT1
2007	Chevrolet	Jimmy	Crew Cab	V6 4.3L 262 CID Vortec 4300
2007	Chevrolet	Safari	Cheyenne	V8 5.7L 350 CID 5.7L Vortec
2007	Chevrolet	Silverado 1500	LT	V8 5.7L 350 CID LS1
2007	GMC	Express 4500	Sierra Classic	V8 4.8L 294 CID Vortec 4800
2007	GMC	K1500	LS	V8 4.8L 294 CID Vortec 4800
2007	Chevrolet	Silverado 1500	Scottsdale	V8 8.1L 496 CID Vortec 8100
2007	GMC	Silverado 1500	LT	V8 4.8L 294 CID Vortec 4800
2007	Chevrolet	Trailblazer	Cheyenne	V8 5.7L 350 CID L31
2007	GMC	Camaro	SLT	V8 5.7L 350 CID LS1
2007	Chevrolet	Sierra Denali	Scottsdale	V8 7.4L 454 CID 7.4L
2007	GMC	K2500	Scottsdale	V8 5.7L 350 CID LT1
2007	GMC	C1500	Sierra Classic	V8 6.5L 395 CID Turbo Diesel
2007	GMC	Escalade	Crew Cab	V8 6.2L 376 CID Vortec 6200
2007	GMC	C2500	LS	V8 4.8L 294 CID Vortec 4800
2007	GMC	SSR	Crew Cab	V8 6.5L 395 CID Turbo Diesel
2007	GMC	Tahoe Hybrid	Denali	V8 5.7L 350 CID LS1
2007	GMC	Express 4500	Denali	V8 8.1L 496 CID Vortec 8100
2007	GMC	Silverado 1500	Base	V8 5.3L 325 CID Vortec 5300
2007	Chevrolet	Avalanche 2500	LS	V6 4.3L 262 CID Vortec 4300
2008	GMC	Yukon	Denali	V8 6.2L 376 CID Vortec 6200
2008	Chevrolet	K2500 Suburban	LS	V8 5.7L 350 CID L31
2008	Chevrolet	Express 1500	SS	V6 4.3L 262 CID 4.3L Vortec
2008	Chevrolet	Yukon XL 1500	Sierra Classic	V6 4.3L 262 CID 4.3L Vortec
2008	Chevrolet	C2500	Scottsdale	V8 5.0L 305 CID 5.0L
2008	Chevrolet	Hummer H2	WT	V8 6.2L 376 CID Vortec 6200
2008	GMC	Envoy	Base	V8 5.7L 350 CID LS1
2008	Chevrolet	Silverado 2500 HD	Denali	V8 5.7L 350 CID LS1
2008	GMC	K2500	SLT	V8 8.1L 496 CID Vortec 8100
2008	GMC	Suburban 1500	Extended Cab	V8 5.7L 350 CID LT1
2008	GMC	Impala	Base	V8 6.0L 364 CID Vortec 6000
2008	GMC	K1500 Suburban	Extended Cab	V8 5.7L 350 CID L31
2008	GMC	Escalade ESV	LS	V8 6.0L 364 CID Vortec 6000
2008	Chevrolet	Trailblazer	SLE	V8 5.7L 350 CID L31
2008	GMC	Sierra 2500 HD		V8 8.1L 496 CID Vortec 8100
2008	Chevrolet	C2500	SLE	V8 5.7L 350 CID LT1
2008	GMC	Express 3500	SS	V8 5.7L 350 CID LS1
2008	GMC	Silverado 2500	LS	V8 5.7L 350 CID 5.7L Vortec
2008	GMC	Corvette	Base	V8 5.7L 350 CID 5.7L Vortec
2008	Chevrolet	Tahoe Hybrid	Scottsdale	V8 5.7L 350 CID LT1
2008	GMC	Blazer 4WD		V8 6.0L 364 CID Vortec 6000
2008	Chevrolet	Yukon XL 2500	LS	V8 6.0L 364 CID Vortec 6000
2008	GMC	Savana 1500	Z71	V8 4.8L 294 CID Vortec 4800
2008	GMC	Escalade ESV	SLE	V8 6.5L 395 CID Turbo Diesel
2008	GMC	Corvette	LT	V8 4.8L 294 CID Vortec 4800
2008	Chevrolet	Tahoe	SLT	V8 5.3L 325 CID Vortec 5300
